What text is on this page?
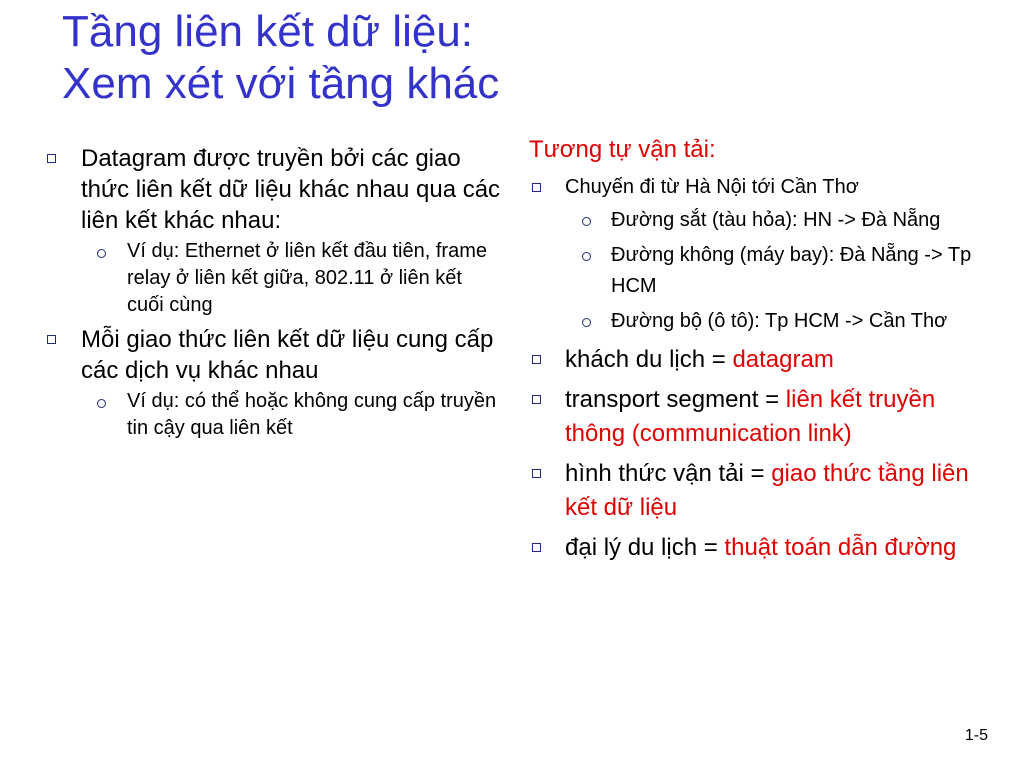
Tầng liên kết dữ liệu:
Xem xét với tầng khác
Datagram được truyền bởi các giao thức liên kết dữ liệu khác nhau qua các liên kết khác nhau:
Ví dụ: Ethernet ở liên kết đầu tiên, frame relay ở liên kết giữa, 802.11 ở liên kết cuối cùng
Mỗi giao thức liên kết dữ liệu cung cấp các dịch vụ khác nhau
Ví dụ: có thể hoặc không cung cấp truyền tin cậy qua liên kết
Tương tự vận tải:
Chuyến đi từ Hà Nội tới Cần Thơ
Đường sắt (tàu hỏa): HN -> Đà Nẵng
Đường không (máy bay): Đà Nẵng -> Tp HCM
Đường bộ (ô tô): Tp HCM -> Cần Thơ
khách du lịch = datagram
transport segment = liên kết truyền thông (communication link)
hình thức vận tải = giao thức tầng liên kết dữ liệu
đại lý du lịch = thuật toán dẫn đường
1-5
